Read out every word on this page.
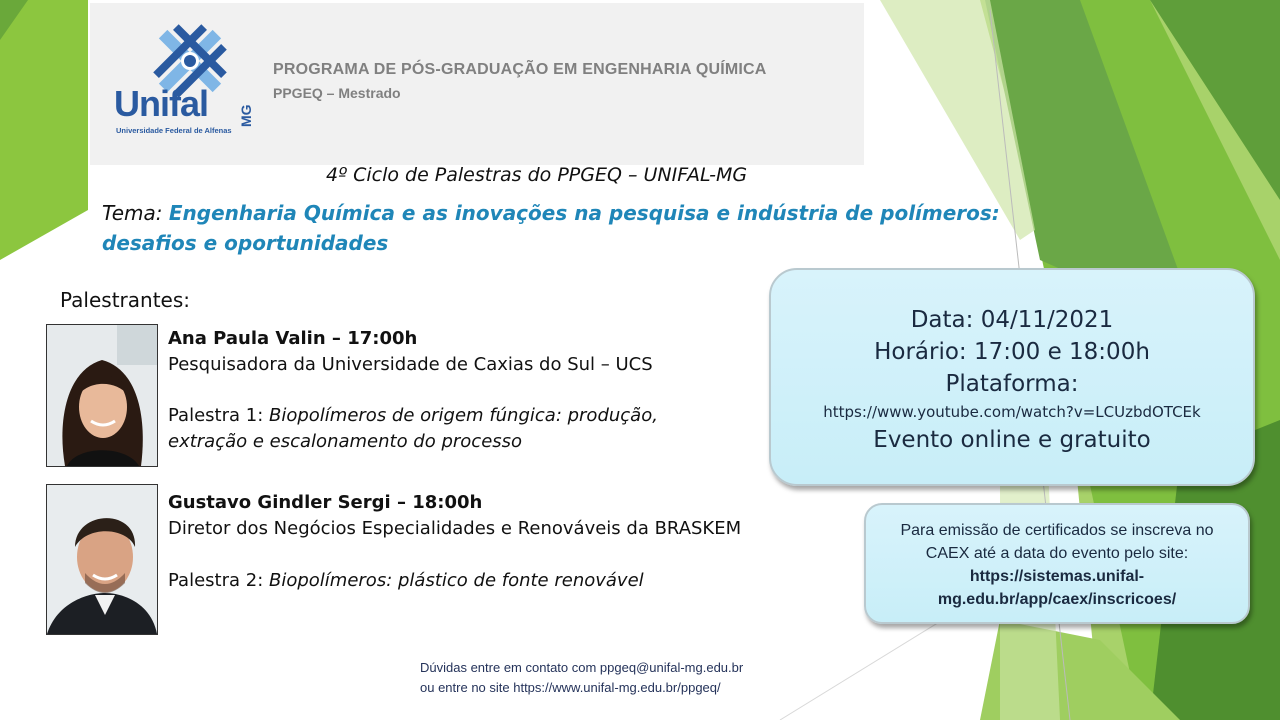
Unifal MG
Universidade Federal de Alfenas
PROGRAMA DE PÓS-GRADUAÇÃO EM ENGENHARIA QUÍMICA
PPGEQ – Mestrado
4º Ciclo de Palestras do PPGEQ – UNIFAL-MG
Tema: Engenharia Química e as inovações na pesquisa e indústria de polímeros: desafios e oportunidades
Palestrantes:
Ana Paula Valin – 17:00h
Pesquisadora da Universidade de Caxias do Sul – UCS
Palestra 1: Biopolímeros de origem fúngica: produção, extração e escalonamento do processo
Gustavo Gindler Sergi – 18:00h
Diretor dos Negócios Especialidades e Renováveis da BRASKEM
Palestra 2: Biopolímeros: plástico de fonte renovável
Data: 04/11/2021
Horário: 17:00 e 18:00h
Plataforma:
https://www.youtube.com/watch?v=LCUzbdOTCEk
Evento online e gratuito
Para emissão de certificados se inscreva no CAEX até a data do evento pelo site:
https://sistemas.unifal-
mg.edu.br/app/caex/inscricoes/
Dúvidas entre em contato com ppgeq@unifal-mg.edu.br
ou entre no site https://www.unifal-mg.edu.br/ppgeq/
